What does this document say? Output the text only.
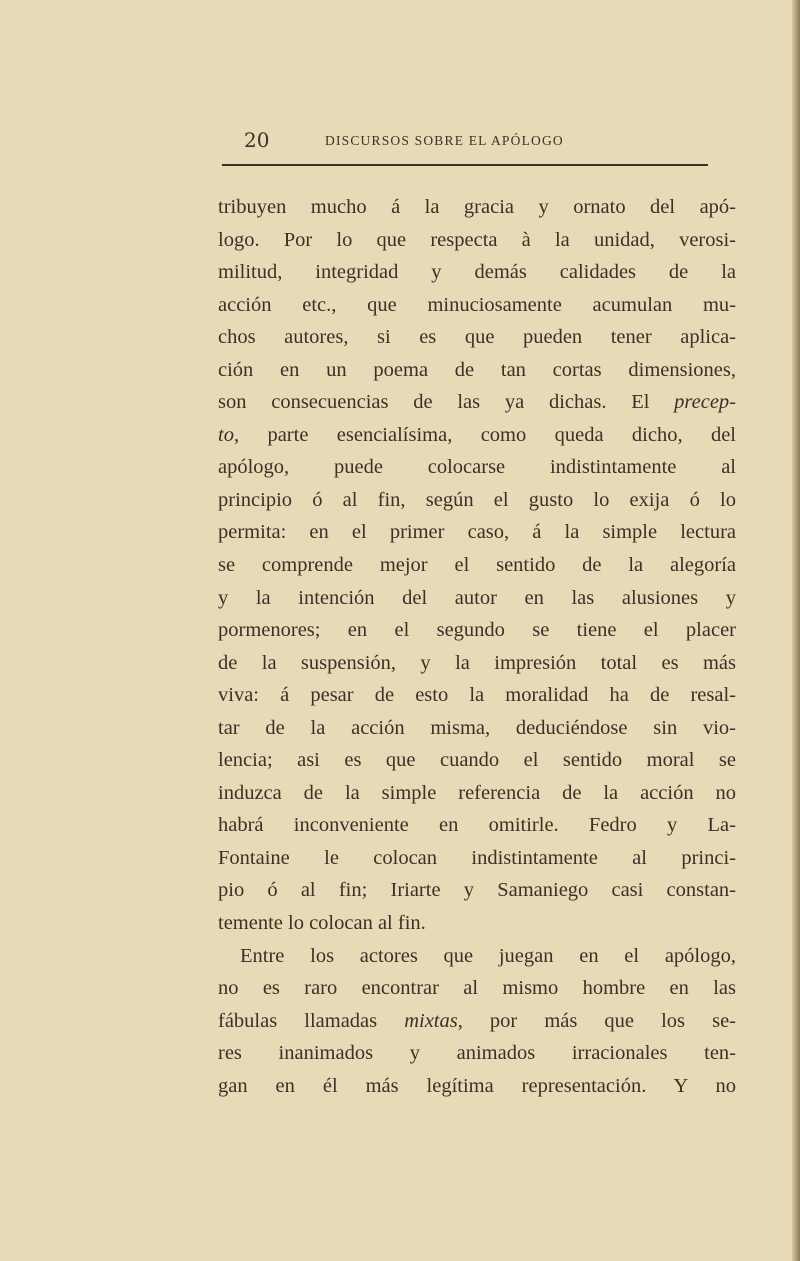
20	DISCURSOS SOBRE EL APÓLOGO
tribuyen mucho á la gracia y ornato del apó-
logo. Por lo que respecta à la unidad, verosi-
militud, integridad y demás calidades de la
acción etc., que minuciosamente acumulan mu-
chos autores, si es que pueden tener aplica-
ción en un poema de tan cortas dimensiones,
son consecuencias de las ya dichas. El precep-
to, parte esencialísima, como queda dicho, del
apólogo, puede colocarse indistintamente al
principio ó al fin, según el gusto lo exija ó lo
permita: en el primer caso, á la simple lectura
se comprende mejor el sentido de la alegoría
y la intención del autor en las alusiones y
pormenores; en el segundo se tiene el placer
de la suspensión, y la impresión total es más
viva: á pesar de esto la moralidad ha de resal-
tar de la acción misma, deduciéndose sin vio-
lencia; asi es que cuando el sentido moral se
induzca de la simple referencia de la acción no
habrá inconveniente en omitirle. Fedro y La-
Fontaine le colocan indistintamente al princi-
pio ó al fin; Iriarte y Samaniego casi constan-
temente lo colocan al fin.
Entre los actores que juegan en el apólogo,
no es raro encontrar al mismo hombre en las
fábulas llamadas mixtas, por más que los se-
res inanimados y animados irracionales ten-
gan en él más legítima representación. Y no
